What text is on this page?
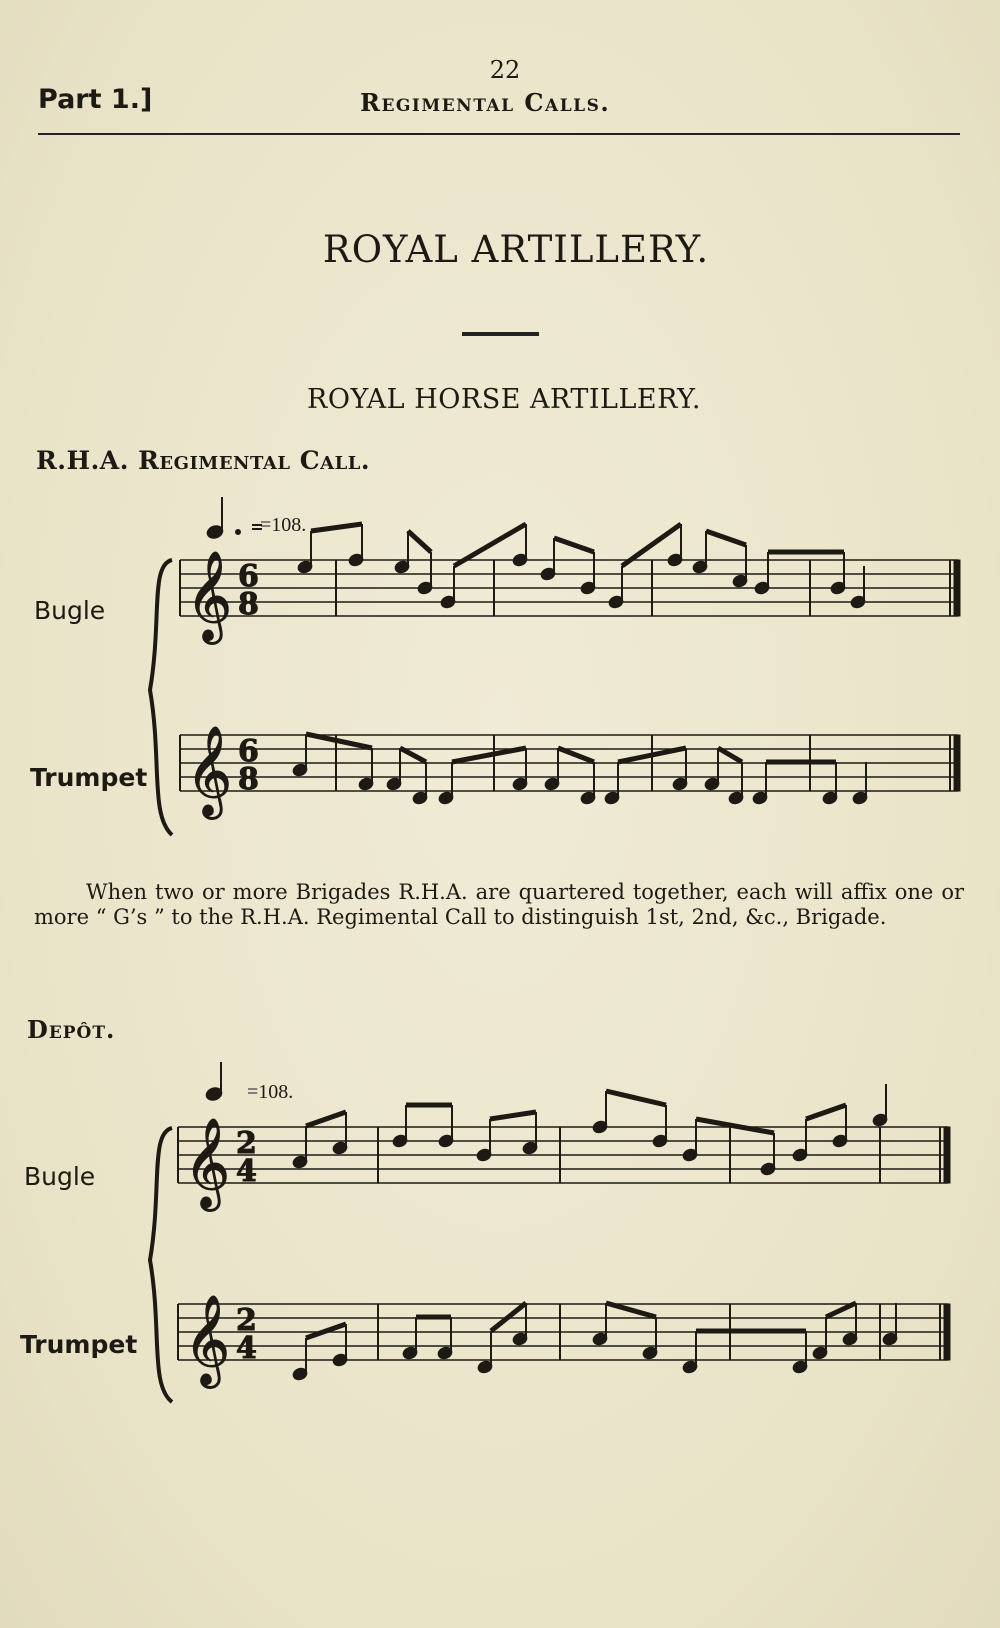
22
Part 1.]	Regimental Calls.
ROYAL ARTILLERY.
ROYAL HORSE ARTILLERY.
R.H.A. Regimental Call.
=108.
Bugle
Trumpet
When two or more Brigades R.H.A. are quartered together, each will affix one or more “ G’s ” to the R.H.A. Regimental Call to distinguish 1st, 2nd, &c., Brigade.
Depôt.
=108.
Bugle
Trumpet
𝄞 6
8
𝄞 6
8
𝄞 2
4
𝄞 2
4
